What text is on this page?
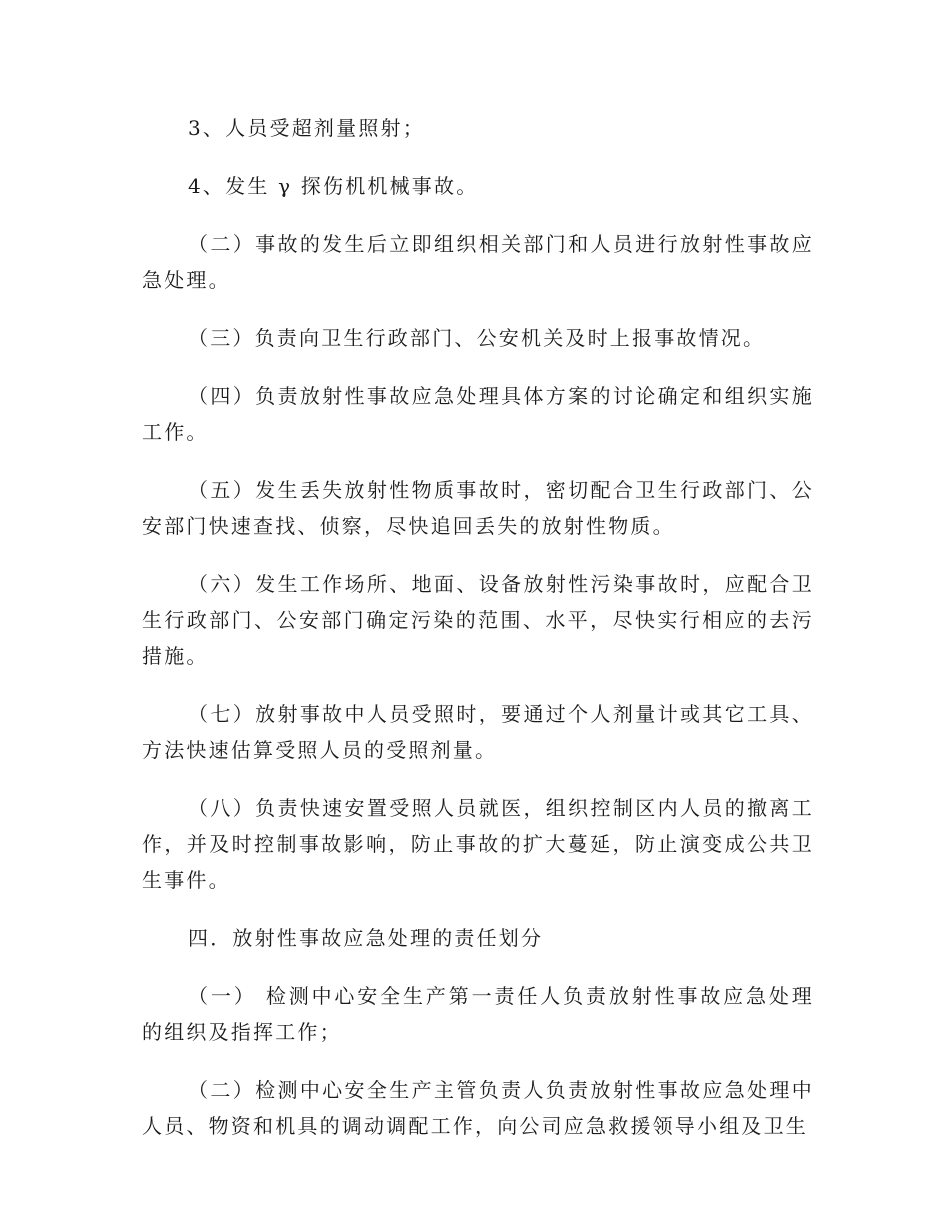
3、人员受超剂量照射；

4、发生 γ 探伤机机械事故。

（二）事故的发生后立即组织相关部门和人员进行放射性事故应急处理。

（三）负责向卫生行政部门、公安机关及时上报事故情况。

（四）负责放射性事故应急处理具体方案的讨论确定和组织实施工作。

（五）发生丢失放射性物质事故时，密切配合卫生行政部门、公安部门快速查找、侦察，尽快追回丢失的放射性物质。

（六）发生工作场所、地面、设备放射性污染事故时，应配合卫生行政部门、公安部门确定污染的范围、水平，尽快实行相应的去污措施。

（七）放射事故中人员受照时，要通过个人剂量计或其它工具、方法快速估算受照人员的受照剂量。

（八）负责快速安置受照人员就医，组织控制区内人员的撤离工作，并及时控制事故影响，防止事故的扩大蔓延，防止演变成公共卫生事件。

四．放射性事故应急处理的责任划分

（一） 检测中心安全生产第一责任人负责放射性事故应急处理的组织及指挥工作；

（二）检测中心安全生产主管负责人负责放射性事故应急处理中人员、物资和机具的调动调配工作，向公司应急救援领导小组及卫生
